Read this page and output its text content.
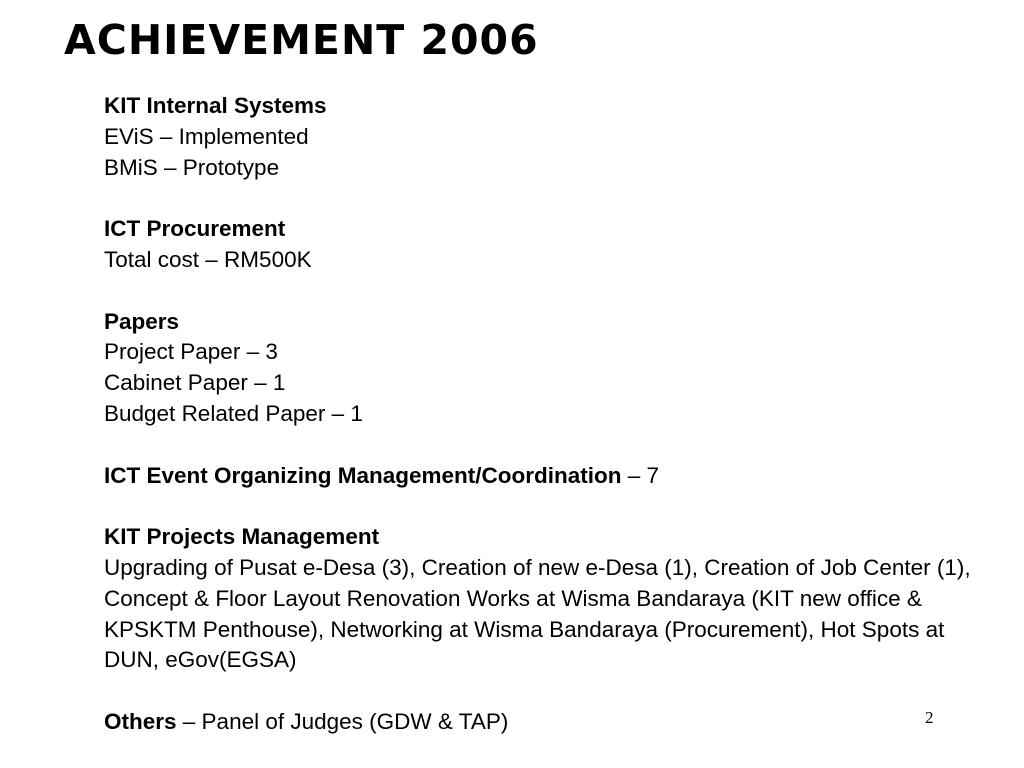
ACHIEVEMENT 2006
KIT Internal Systems
EViS – Implemented
BMiS – Prototype
ICT Procurement
Total cost – RM500K
Papers
Project Paper – 3
Cabinet Paper – 1
Budget Related Paper – 1
ICT Event Organizing Management/Coordination – 7
KIT Projects Management
Upgrading of Pusat e-Desa (3), Creation of new e-Desa (1), Creation of Job Center (1), Concept & Floor Layout Renovation Works at Wisma Bandaraya (KIT new office & KPSKTM Penthouse), Networking at Wisma Bandaraya (Procurement), Hot Spots at DUN, eGov(EGSA)
Others – Panel of Judges (GDW & TAP)	2
